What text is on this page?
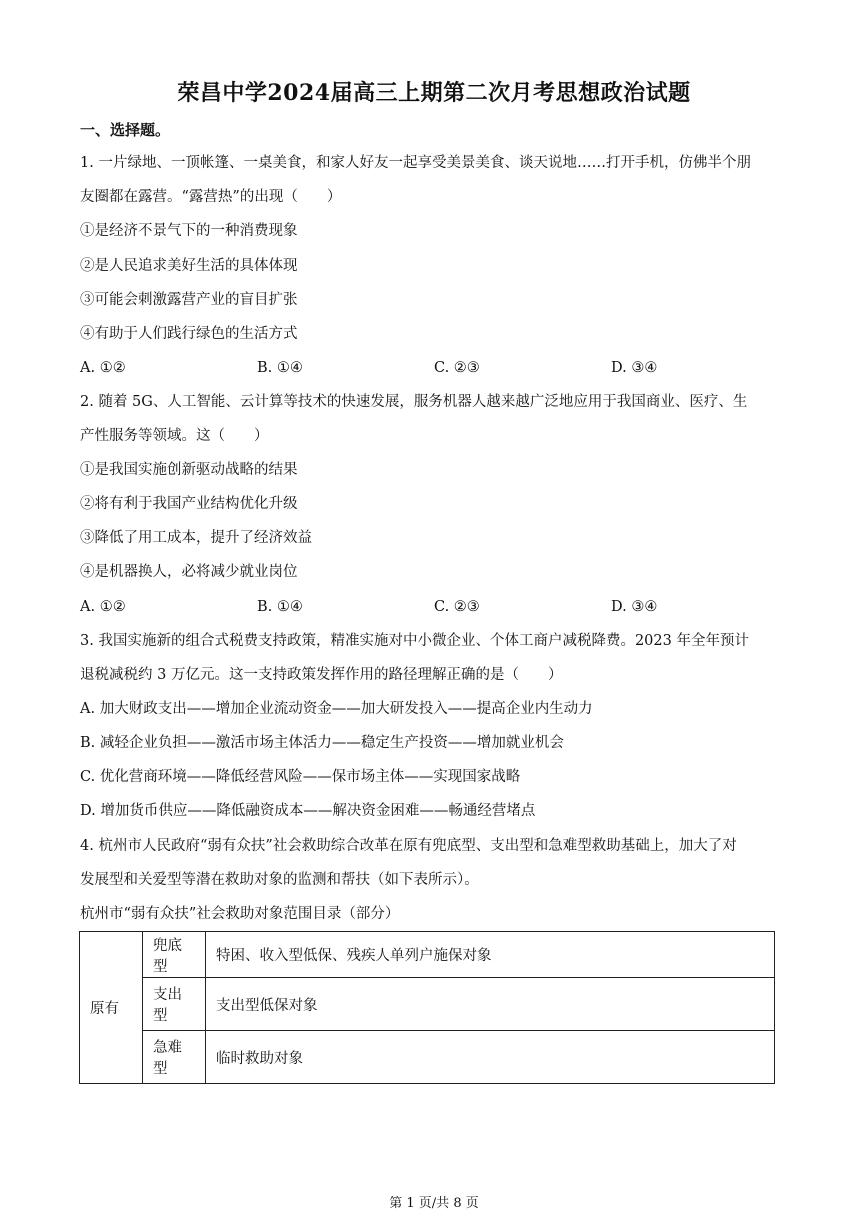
荣昌中学2024届高三上期第二次月考思想政治试题
一、选择题。
1. 一片绿地、一顶帐篷、一桌美食，和家人好友一起享受美景美食、谈天说地……打开手机，仿佛半个朋
友圈都在露营。“露营热”的出现（　　）
①是经济不景气下的一种消费现象
②是人民追求美好生活的具体体现
③可能会刺激露营产业的盲目扩张
④有助于人们践行绿色的生活方式
A. ①②	B. ①④	C. ②③	D. ③④
2. 随着 5G、人工智能、云计算等技术的快速发展，服务机器人越来越广泛地应用于我国商业、医疗、生
产性服务等领域。这（　　）
①是我国实施创新驱动战略的结果
②将有利于我国产业结构优化升级
③降低了用工成本，提升了经济效益
④是机器换人，必将减少就业岗位
A. ①②	B. ①④	C. ②③	D. ③④
3. 我国实施新的组合式税费支持政策，精准实施对中小微企业、个体工商户减税降费。2023 年全年预计
退税减税约 3 万亿元。这一支持政策发挥作用的路径理解正确的是（　　）
A. 加大财政支出——增加企业流动资金——加大研发投入——提高企业内生动力
B. 减轻企业负担——激活市场主体活力——稳定生产投资——增加就业机会
C. 优化营商环境——降低经营风险——保市场主体——实现国家战略
D. 增加货币供应——降低融资成本——解决资金困难——畅通经营堵点
4. 杭州市人民政府“弱有众扶”社会救助综合改革在原有兜底型、支出型和急难型救助基础上，加大了对
发展型和关爱型等潜在救助对象的监测和帮扶（如下表所示）。
杭州市“弱有众扶”社会救助对象范围目录（部分）
原有	兜底型	特困、收入型低保、残疾人单列户施保对象
	支出型	支出型低保对象
	急难型	临时救助对象
第 1 页/共 8 页
